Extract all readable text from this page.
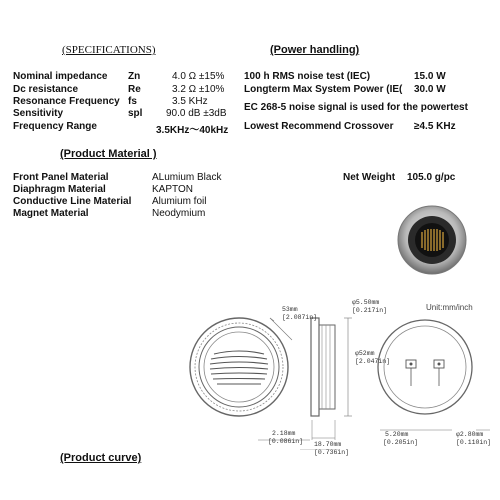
(SPECIFICATIONS)
Nominal impedance Zn	4.0 Ω ±15%
Dc resistance	Re	3.2 Ω ±10%
Resonance Frequency fs	3.5 KHz
Sensitivity	spl 90.0 dB ±3dB
Frequency Range	3.5KHz～40kHz
(Power handling)
100 h RMS noise test (IEC)	15.0 W
Longterm Max System Power (IE( 30.0 W
EC 268-5 noise signal is used for the powertest
Lowest Recommend Crossover ≥4.5 KHz
(Product Material )
Front Panel Material	ALumium Black
Diaphragm Material	KAPTON
Conductive Line Material Alumium foil
Magnet Material	Neodymium
Net Weight 105.0 g/pc
Unit:mm/inch
53mm
[2.087in]
φ5.50mm
[0.217in]
φ52mm
[2.047in]
2.18mm
[0.086in] 18.70mm
[0.736in]
5.20mm
[0.205in]
φ2.80mm
[0.110in]
(Product curve)
